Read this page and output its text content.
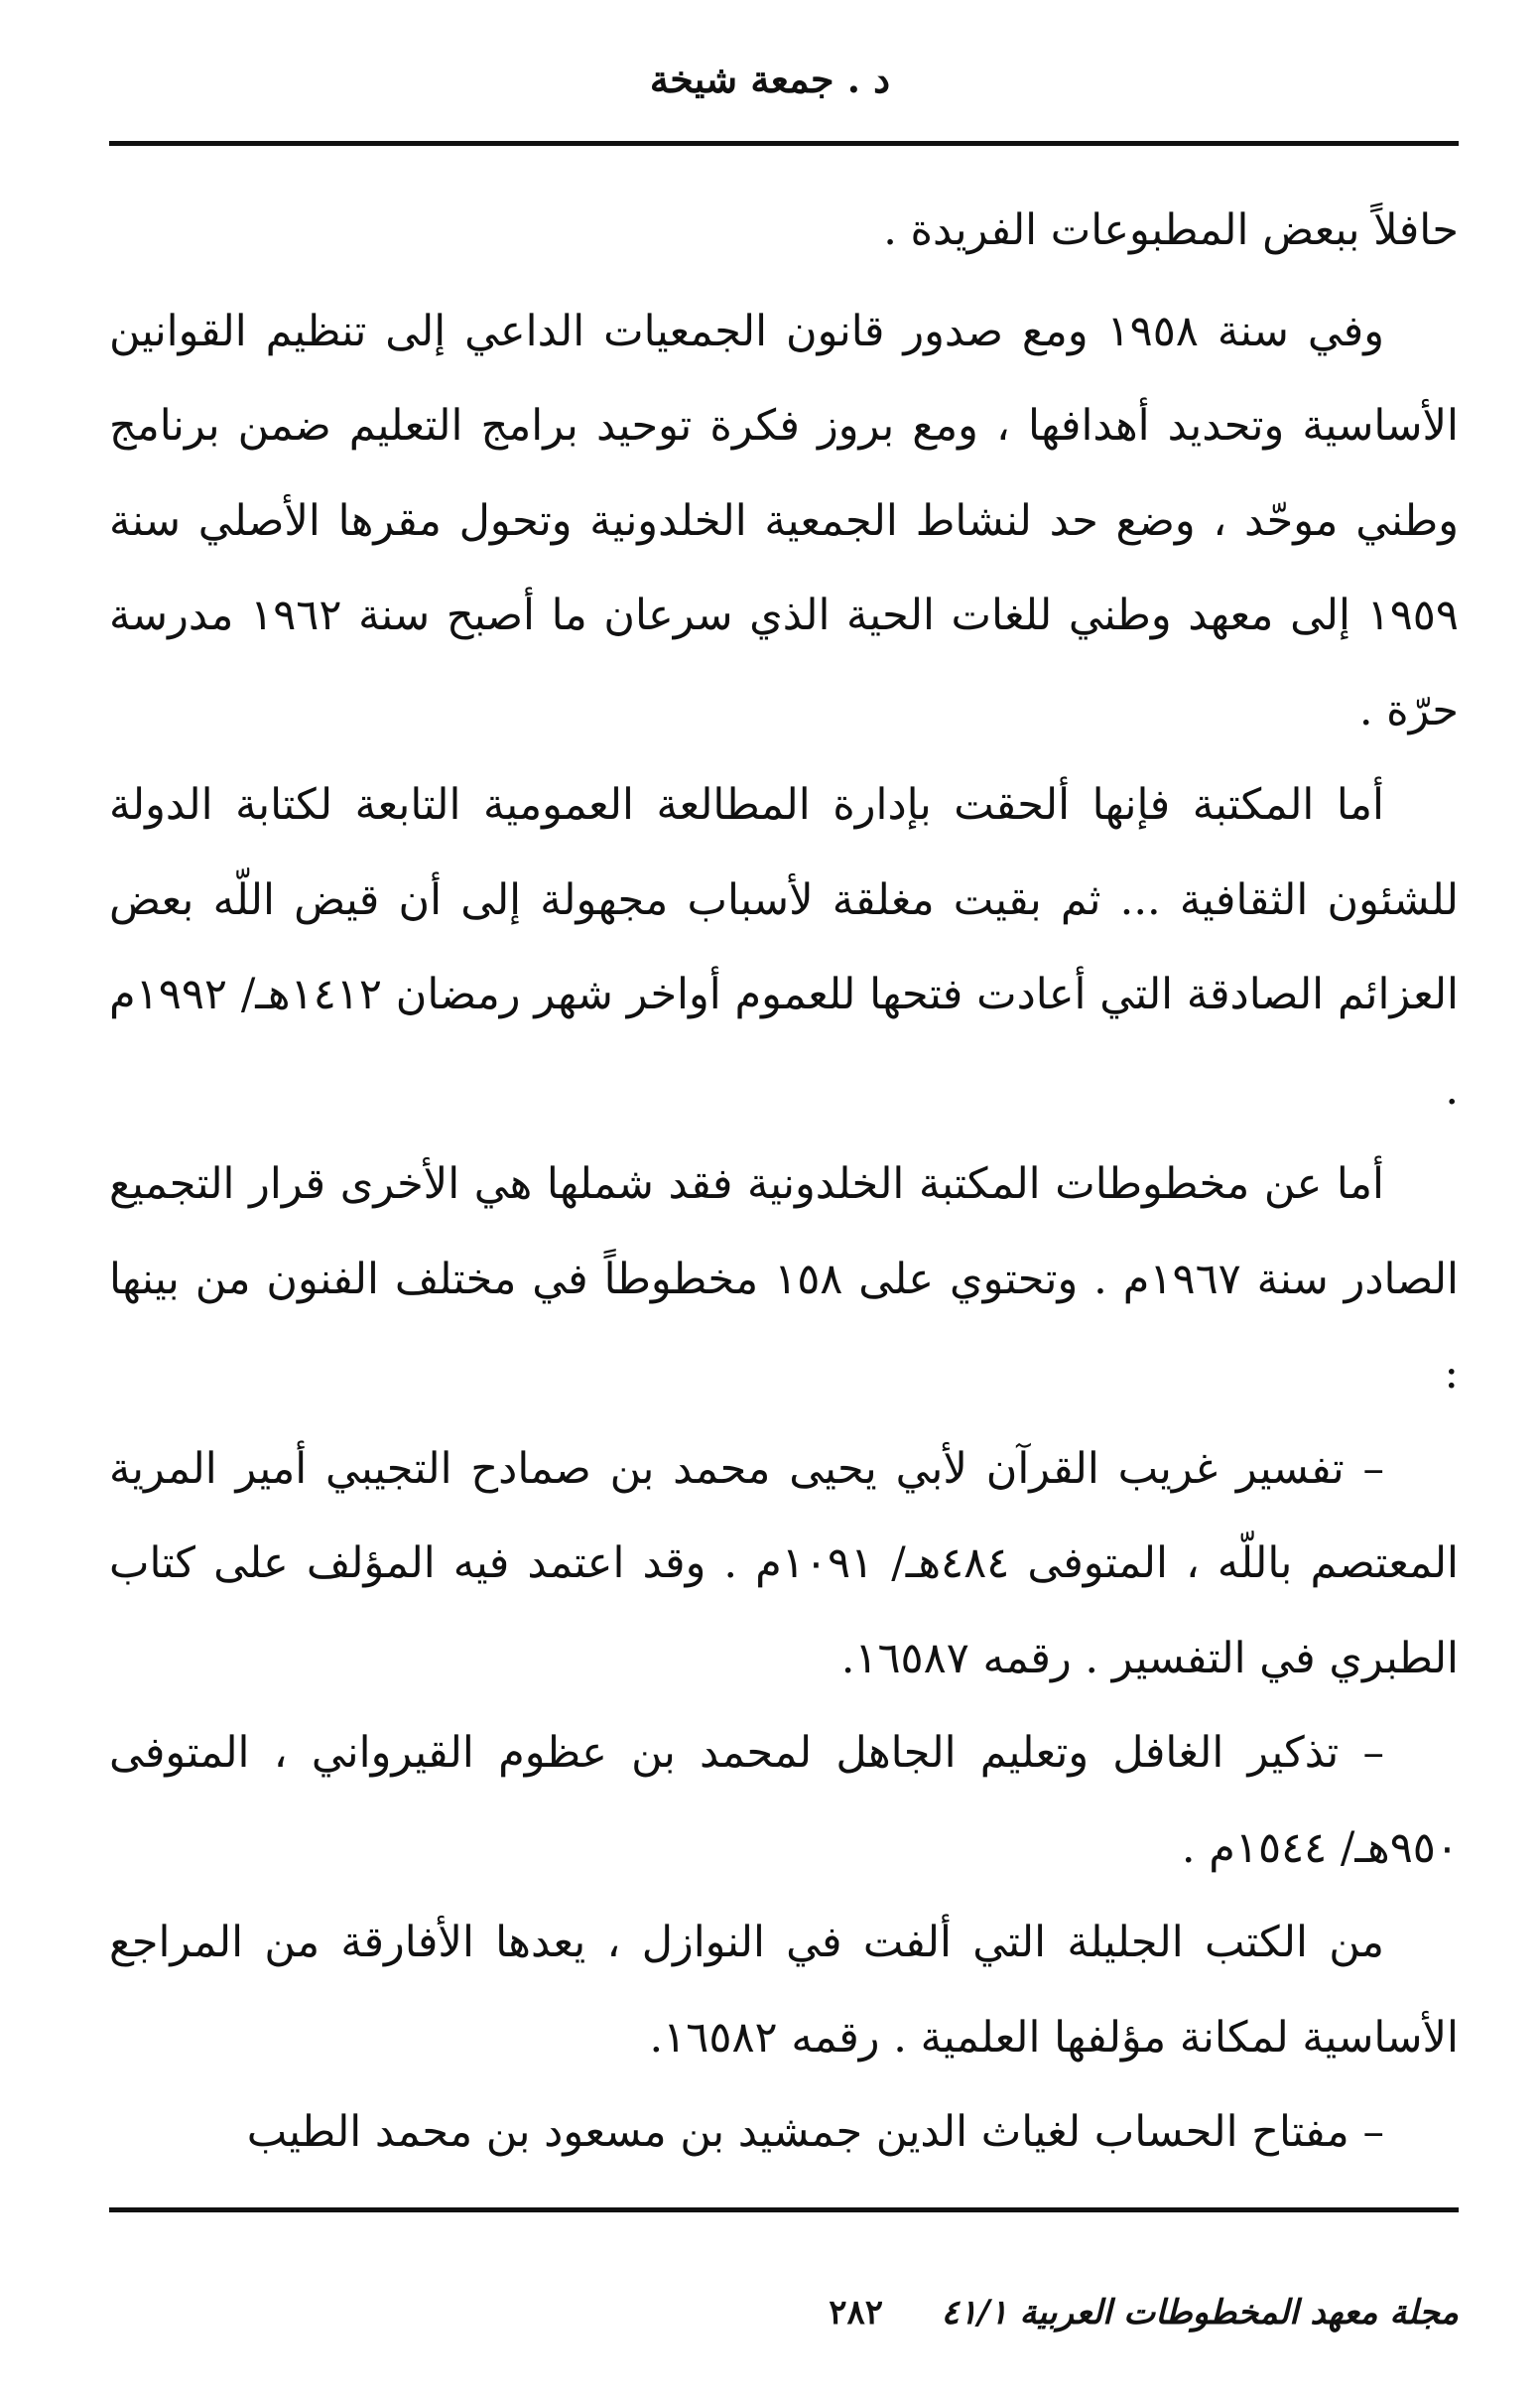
د . جمعة شيخة

حافلاً ببعض المطبوعات الفريدة .

وفي سنة ١٩٥٨ ومع صدور قانون الجمعيات الداعي إلى تنظيم القوانين الأساسية وتحديد أهدافها ، ومع بروز فكرة توحيد برامج التعليم ضمن برنامج وطني موحّد ، وضع حد لنشاط الجمعية الخلدونية وتحول مقرها الأصلي سنة ١٩٥٩ إلى معهد وطني للغات الحية الذي سرعان ما أصبح سنة ١٩٦٢ مدرسة حرّة .

أما المكتبة فإنها ألحقت بإدارة المطالعة العمومية التابعة لكتابة الدولة للشئون الثقافية ... ثم بقيت مغلقة لأسباب مجهولة إلى أن قيض اللّه بعض العزائم الصادقة التي أعادت فتحها للعموم أواخر شهر رمضان ١٤١٢هـ/ ١٩٩٢م .

أما عن مخطوطات المكتبة الخلدونية فقد شملها هي الأخرى قرار التجميع الصادر سنة ١٩٦٧م . وتحتوي على ١٥٨ مخطوطاً في مختلف الفنون من بينها :

– تفسير غريب القرآن لأبي يحيى محمد بن صمادح التجيبي أمير المرية المعتصم باللّه ، المتوفى ٤٨٤هـ/ ١٠٩١م . وقد اعتمد فيه المؤلف على كتاب الطبري في التفسير . رقمه ١٦٥٨٧.

– تذكير الغافل وتعليم الجاهل لمحمد بن عظوم القيرواني ، المتوفى ٩٥٠هـ/ ١٥٤٤م .

من الكتب الجليلة التي ألفت في النوازل ، يعدها الأفارقة من المراجع الأساسية لمكانة مؤلفها العلمية . رقمه ١٦٥٨٢.

– مفتاح الحساب لغياث الدين جمشيد بن مسعود بن محمد الطيب

مجلة معهد المخطوطات العربية ٤١/١
٢٨٢
